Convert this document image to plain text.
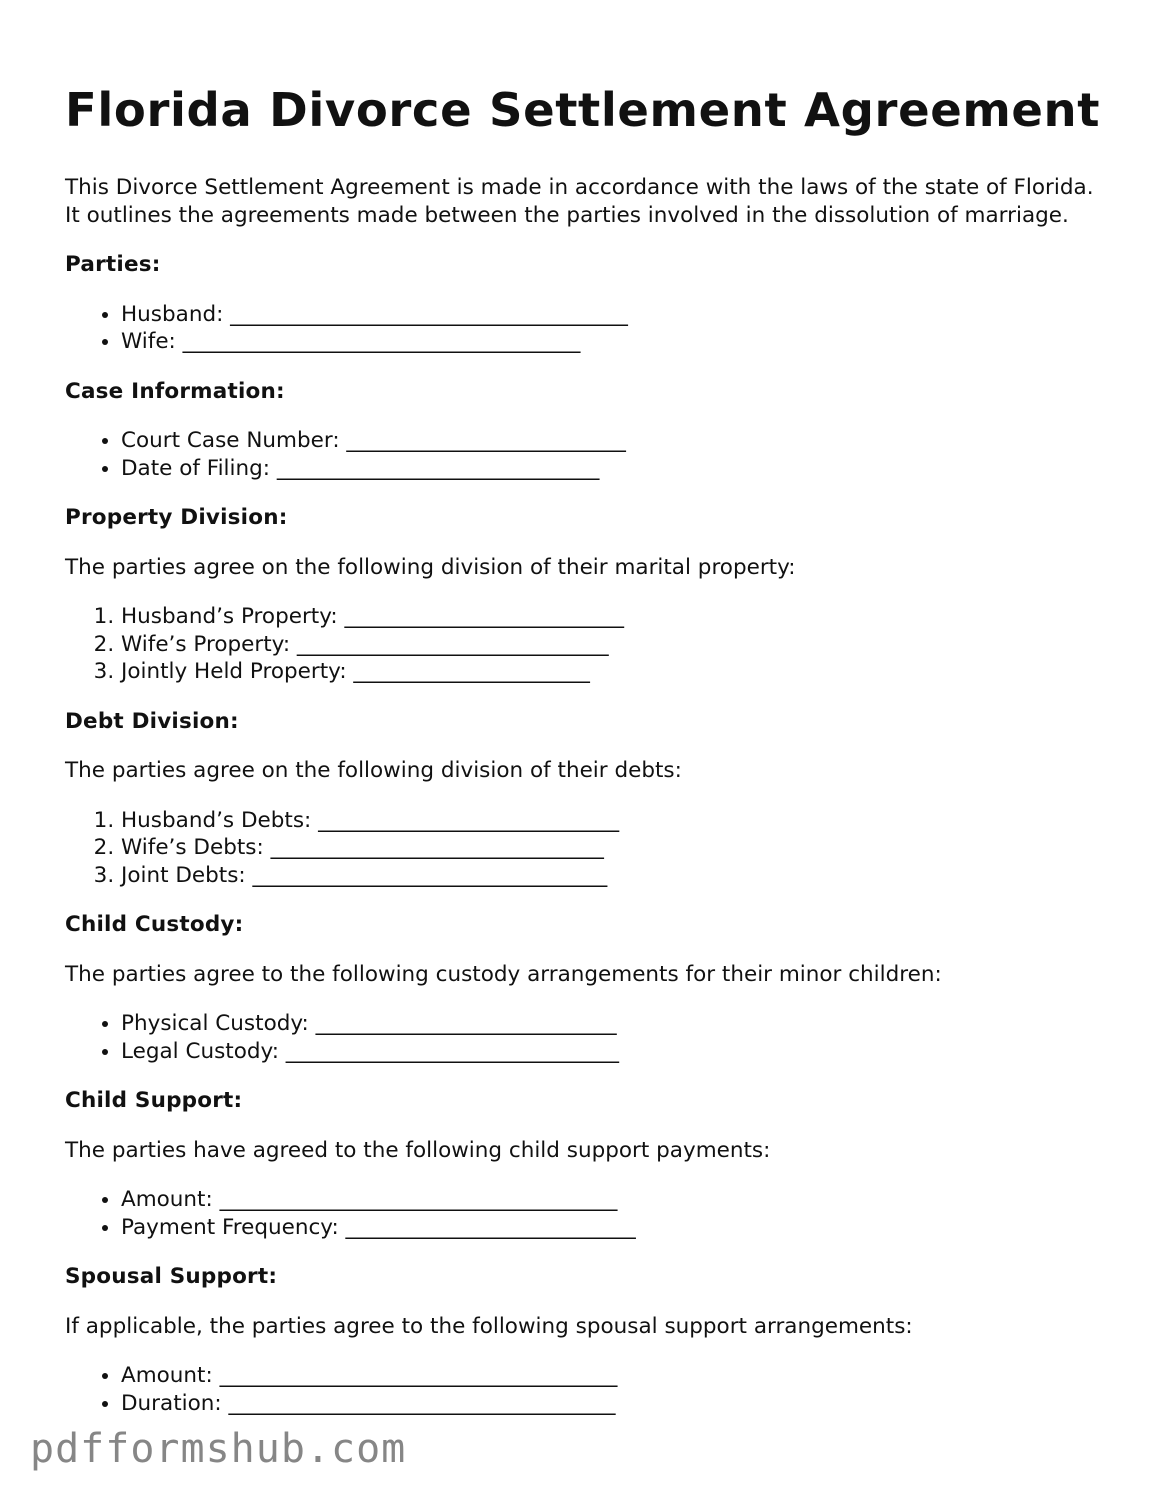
Florida Divorce Settlement Agreement

This Divorce Settlement Agreement is made in accordance with the laws of the state of Florida. It outlines the agreements made between the parties involved in the dissolution of marriage.

Parties:
• Husband: _____________________________________
• Wife: _____________________________________
Case Information:
• Court Case Number: __________________________
• Date of Filing: ______________________________
Property Division:

The parties agree on the following division of their marital property:

1. Husband’s Property: __________________________
2. Wife’s Property: _____________________________
3. Jointly Held Property: ______________________
Debt Division:

The parties agree on the following division of their debts:

1. Husband’s Debts: ____________________________
2. Wife’s Debts: _______________________________
3. Joint Debts: _________________________________
Child Custody:

The parties agree to the following custody arrangements for their minor children:

• Physical Custody: ____________________________
• Legal Custody: _______________________________
Child Support:

The parties have agreed to the following child support payments:

• Amount: _____________________________________
• Payment Frequency: ___________________________
Spousal Support:

If applicable, the parties agree to the following spousal support arrangements:

• Amount: _____________________________________
• Duration: ____________________________________
pdfformshub.com
